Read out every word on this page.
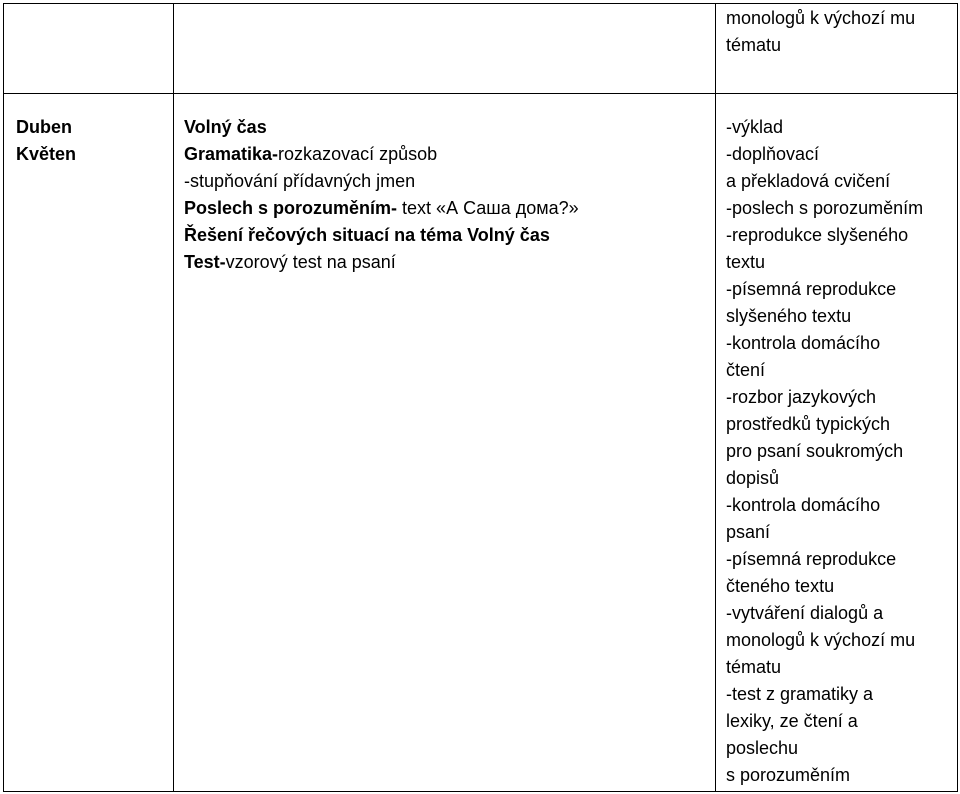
monologů k výchozí mu
tématu
Duben
Květen
Volný čas
Gramatika-rozkazovací způsob
-stupňování přídavných jmen
Poslech s porozuměním- text «А Саша дома?»
Řešení řečových situací na téma Volný čas
Test-vzorový test na psaní
-výklad
-doplňovací
a překladová cvičení
-poslech s porozuměním
-reprodukce slyšeného
textu
-písemná reprodukce
slyšeného textu
-kontrola domácího
čtení
-rozbor jazykových
prostředků typických
pro psaní soukromých
dopisů
-kontrola domácího
psaní
-písemná reprodukce
čteného textu
-vytváření dialogů a
monologů k výchozí mu
tématu
-test z gramatiky a
lexiky, ze čtení a
poslechu
s porozuměním
